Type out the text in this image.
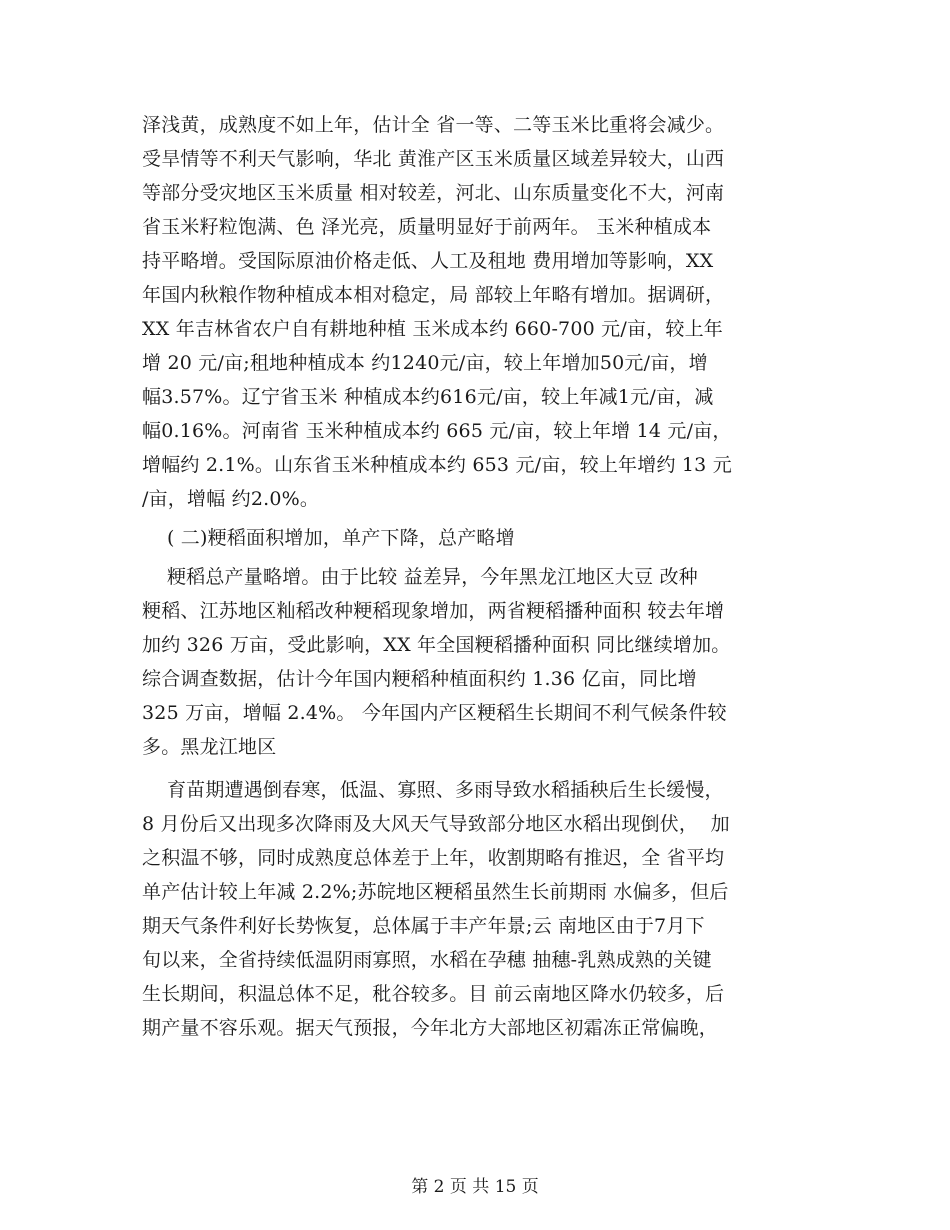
泽浅黄，成熟度不如上年，估计全 省一等、二等玉米比重将会减少。
受旱情等不利天气影响，华北 黄淮产区玉米质量区域差异较大，山西
等部分受灾地区玉米质量 相对较差，河北、山东质量变化不大，河南
省玉米籽粒饱满、色 泽光亮，质量明显好于前两年。 玉米种植成本
持平略增。受国际原油价格走低、人工及租地 费用增加等影响，XX
年国内秋粮作物种植成本相对稳定，局 部较上年略有增加。据调研，
XX 年吉林省农户自有耕地种植 玉米成本约 660-700 元/亩，较上年
增 20 元/亩;租地种植成本 约1240元/亩，较上年增加50元/亩，增
幅3.57%。辽宁省玉米 种植成本约616元/亩，较上年减1元/亩，减
幅0.16%。河南省 玉米种植成本约 665 元/亩，较上年增 14 元/亩，
增幅约 2.1%。山东省玉米种植成本约 653 元/亩，较上年增约 13 元
/亩，增幅 约2.0%。
( 二)粳稻面积增加，单产下降，总产略增
粳稻总产量略增。由于比较 益差异，今年黑龙江地区大豆 改种
粳稻、江苏地区籼稻改种粳稻现象增加，两省粳稻播种面积 较去年增
加约 326 万亩，受此影响，XX 年全国粳稻播种面积 同比继续增加。
综合调查数据，估计今年国内粳稻种植面积约 1.36 亿亩，同比增
325 万亩，增幅 2.4%。 今年国内产区粳稻生长期间不利气候条件较
多。黑龙江地区
育苗期遭遇倒春寒，低温、寡照、多雨导致水稻插秧后生长缓慢，
8 月份后又出现多次降雨及大风天气导致部分地区水稻出现倒伏，  加
之积温不够，同时成熟度总体差于上年，收割期略有推迟，全 省平均
单产估计较上年减 2.2%;苏皖地区粳稻虽然生长前期雨 水偏多，但后
期天气条件利好长势恢复，总体属于丰产年景;云 南地区由于7月下
旬以来，全省持续低温阴雨寡照，水稻在孕穗 抽穗-乳熟成熟的关键
生长期间，积温总体不足，秕谷较多。目 前云南地区降水仍较多，后
期产量不容乐观。据天气预报，今年北方大部地区初霜冻正常偏晚，
第 2 页 共 15 页
